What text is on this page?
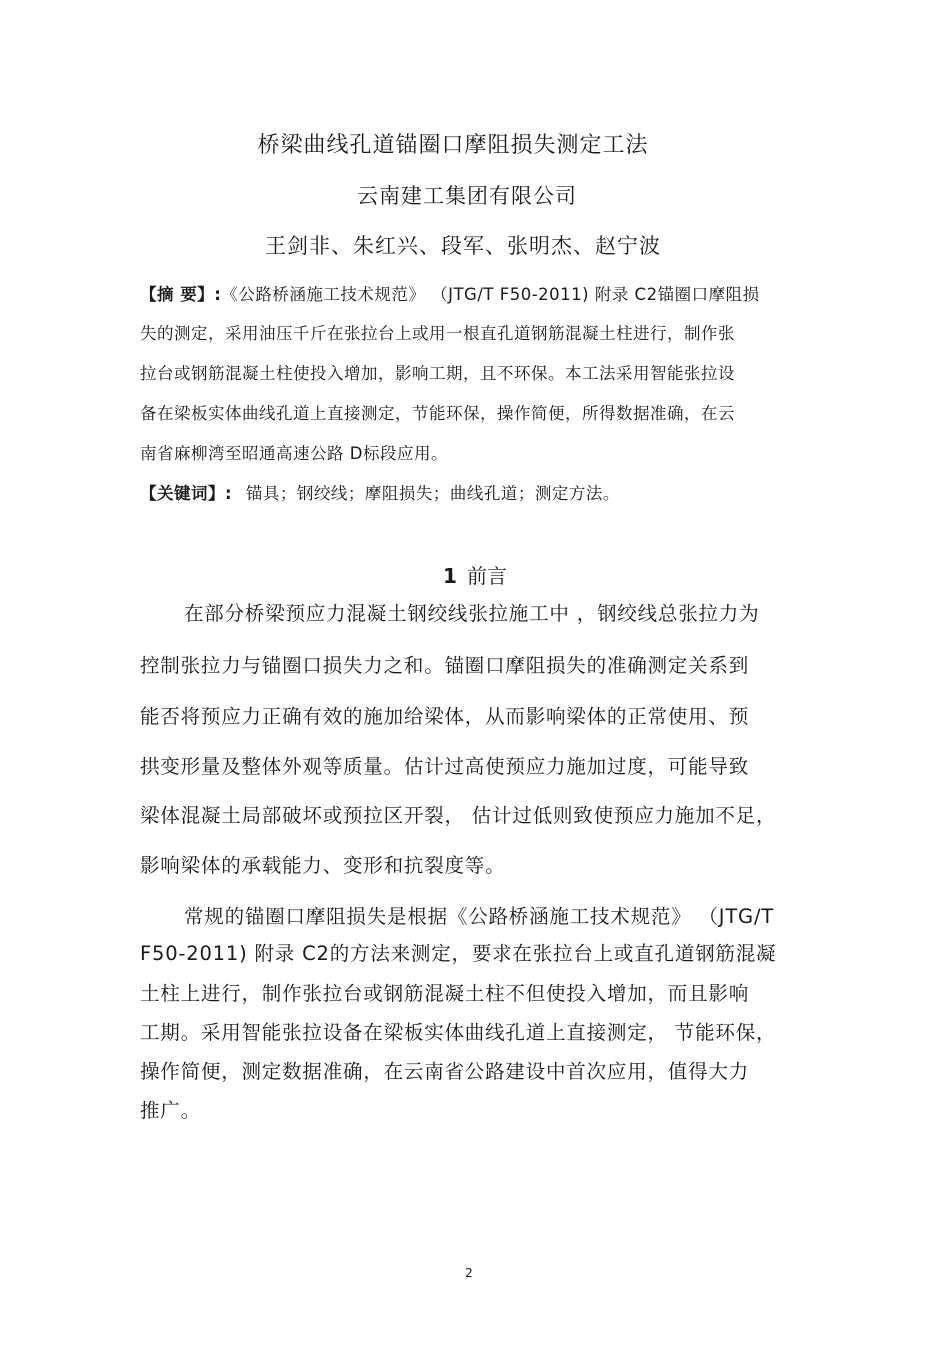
桥梁曲线孔道锚圈口摩阻损失测定工法
云南建工集团有限公司
王剑非、朱红兴、段军、张明杰、赵宁波
【摘 要】:《公路桥涵施工技术规范》 （JTG/T F50-2011) 附录 C2锚圈口摩阻损
失的测定，采用油压千斤在张拉台上或用一根直孔道钢筋混凝土柱进行，制作张
拉台或钢筋混凝土柱使投入增加，影响工期，且不环保。本工法采用智能张拉设
备在梁板实体曲线孔道上直接测定，节能环保，操作简便，所得数据准确，在云
南省麻柳湾至昭通高速公路 D标段应用。
【关键词】: 锚具；钢绞线；摩阻损失；曲线孔道；测定方法。
1 前言
在部分桥梁预应力混凝土钢绞线张拉施工中 ，钢绞线总张拉力为
控制张拉力与锚圈口损失力之和。锚圈口摩阻损失的准确测定关系到
能否将预应力正确有效的施加给梁体，从而影响梁体的正常使用、预
拱变形量及整体外观等质量。估计过高使预应力施加过度，可能导致
梁体混凝土局部破坏或预拉区开裂， 估计过低则致使预应力施加不足，
影响梁体的承载能力、变形和抗裂度等。
常规的锚圈口摩阻损失是根据《公路桥涵施工技术规范》 （JTG/T
F50-2011) 附录 C2的方法来测定，要求在张拉台上或直孔道钢筋混凝
土柱上进行，制作张拉台或钢筋混凝土柱不但使投入增加，而且影响
工期。采用智能张拉设备在梁板实体曲线孔道上直接测定， 节能环保，
操作简便，测定数据准确，在云南省公路建设中首次应用，值得大力
推广。
2
